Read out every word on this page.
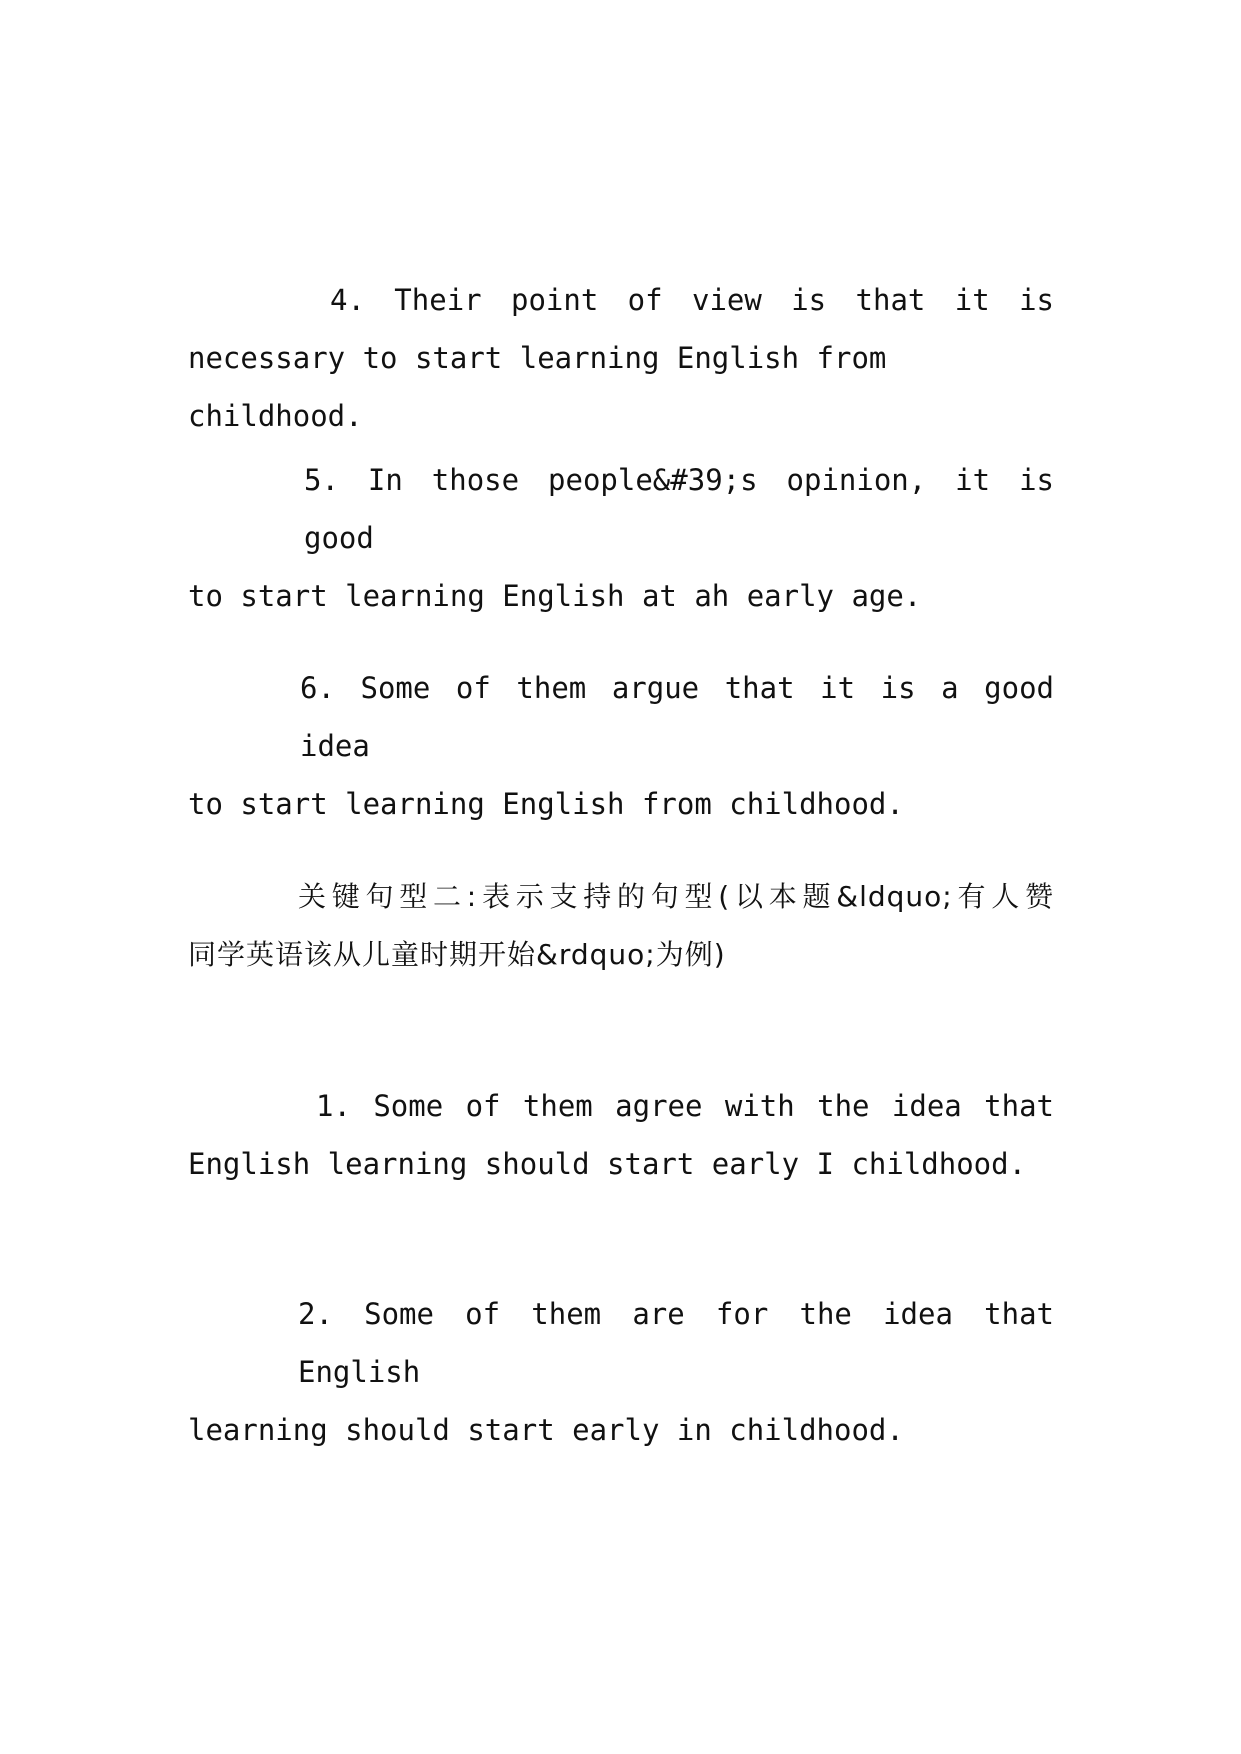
4. Their point of view is that it is
necessary to start learning English from childhood.
5. In those people&#39;s opinion, it is good
to start learning English at ah early age.
6. Some of them argue that it is a good idea
to start learning English from childhood.
关键句型二:表示支持的句型(以本题&ldquo;有人赞
同学英语该从儿童时期开始&rdquo;为例)
1. Some of them agree with the idea that
English learning should start early I childhood.
2. Some of them are for the idea that English
learning should start early in childhood.
